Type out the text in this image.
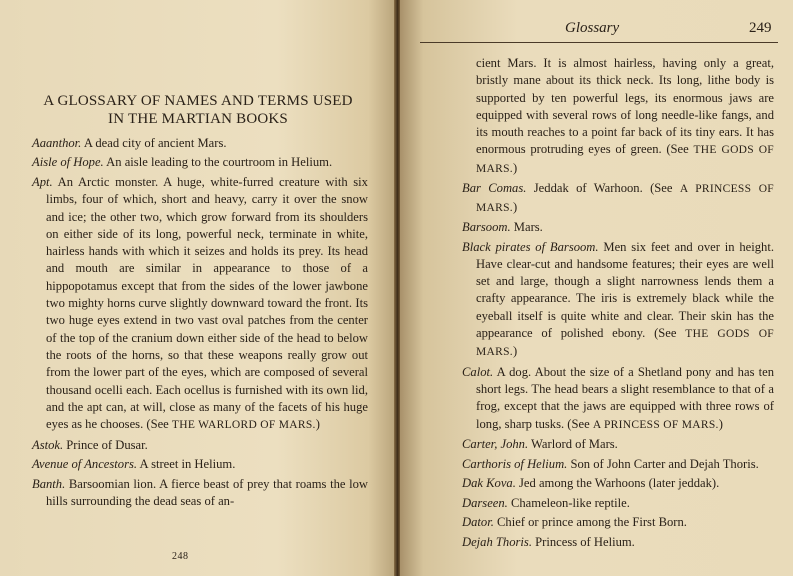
A GLOSSARY OF NAMES AND TERMS USED
IN THE MARTIAN BOOKS
Aaanthor. A dead city of ancient Mars.
Aisle of Hope. An aisle leading to the courtroom in Helium.
Apt. An Arctic monster. A huge, white-furred creature with six limbs, four of which, short and heavy, carry it over the snow and ice; the other two, which grow forward from its shoulders on either side of its long, powerful neck, terminate in white, hairless hands with which it seizes and holds its prey. Its head and mouth are similar in appearance to those of a hippopotamus except that from the sides of the lower jawbone two mighty horns curve slightly downward toward the front. Its two huge eyes extend in two vast oval patches from the center of the top of the cranium down either side of the head to below the roots of the horns, so that these weapons really grow out from the lower part of the eyes, which are composed of several thousand ocelli each. Each ocellus is furnished with its own lid, and the apt can, at will, close as many of the facets of his huge eyes as he chooses. (See THE WARLORD OF MARS.)
Astok. Prince of Dusar.
Avenue of Ancestors. A street in Helium.
Banth. Barsoomian lion. A fierce beast of prey that roams the low hills surrounding the dead seas of an-
248
Glossary	249
cient Mars. It is almost hairless, having only a great, bristly mane about its thick neck. Its long, lithe body is supported by ten powerful legs, its enormous jaws are equipped with several rows of long needle-like fangs, and its mouth reaches to a point far back of its tiny ears. It has enormous protruding eyes of green. (See THE GODS OF MARS.)
Bar Comas. Jeddak of Warhoon. (See A PRINCESS OF MARS.)
Barsoom. Mars.
Black pirates of Barsoom. Men six feet and over in height. Have clear-cut and handsome features; their eyes are well set and large, though a slight narrowness lends them a crafty appearance. The iris is extremely black while the eyeball itself is quite white and clear. Their skin has the appearance of polished ebony. (See THE GODS OF MARS.)
Calot. A dog. About the size of a Shetland pony and has ten short legs. The head bears a slight resemblance to that of a frog, except that the jaws are equipped with three rows of long, sharp tusks. (See A PRINCESS OF MARS.)
Carter, John. Warlord of Mars.
Carthoris of Helium. Son of John Carter and Dejah Thoris.
Dak Kova. Jed among the Warhoons (later jeddak).
Darseen. Chameleon-like reptile.
Dator. Chief or prince among the First Born.
Dejah Thoris. Princess of Helium.
